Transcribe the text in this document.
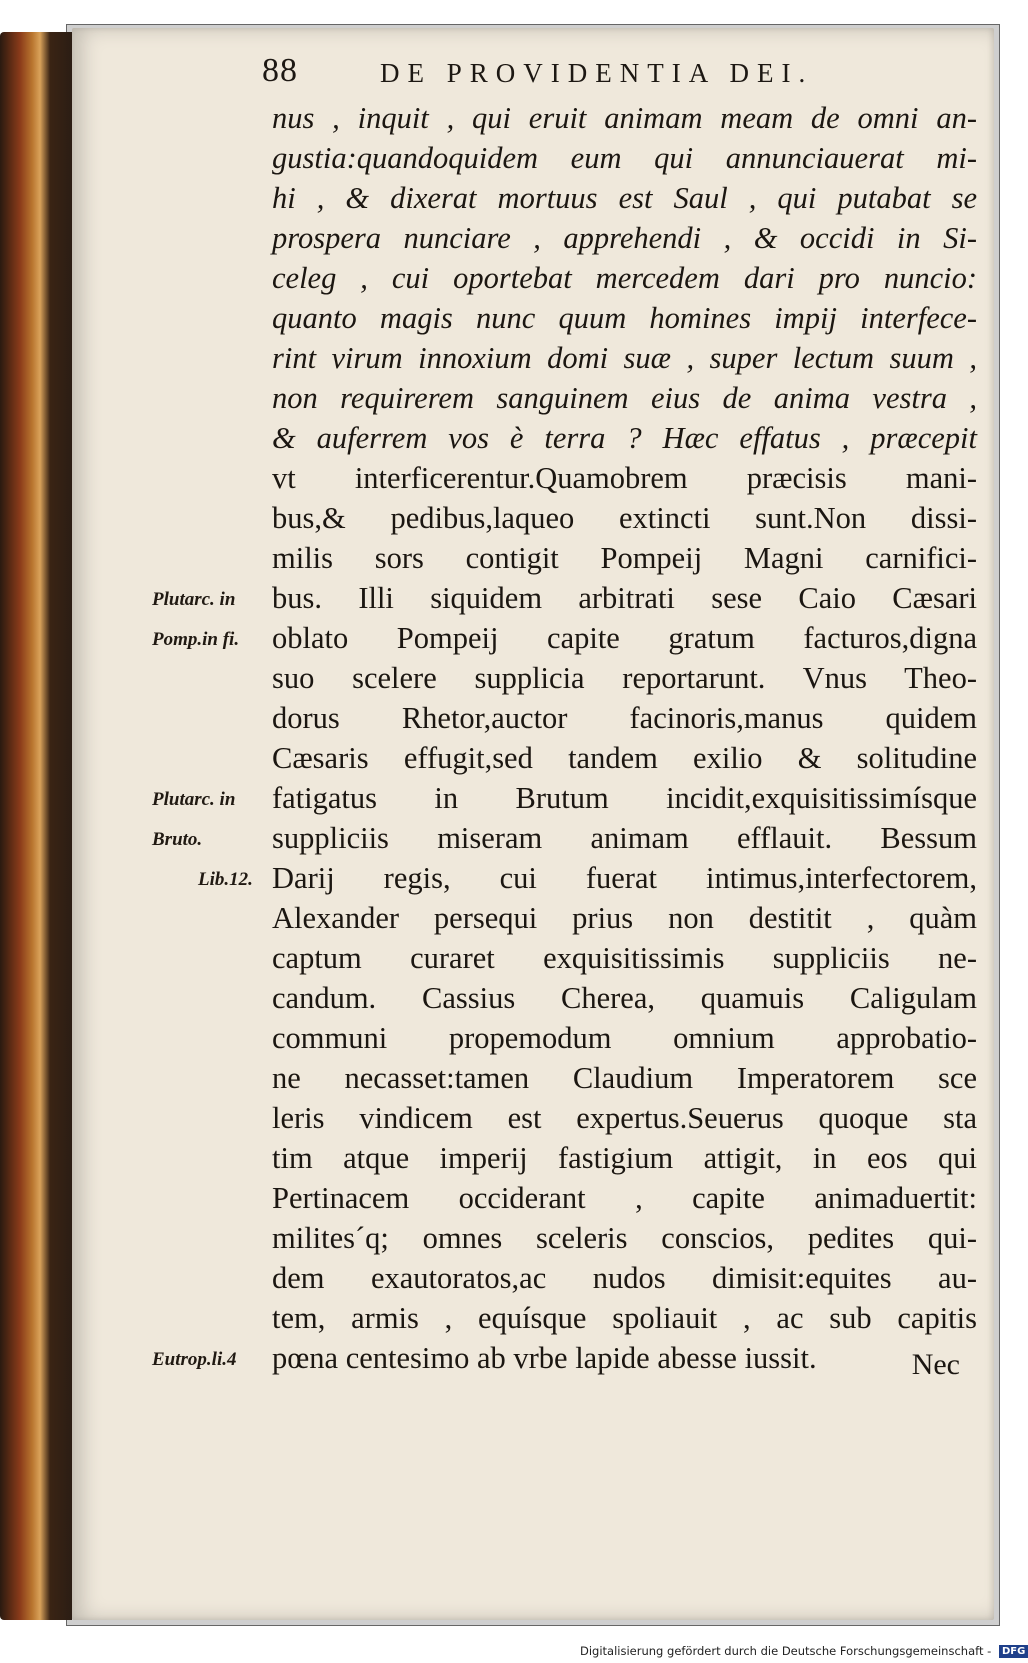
88	DE PROVIDENTIA DEI.
nus , inquit , qui eruit animam meam de omni an-
gustia:quandoquidem eum qui annunciauerat mi-
hi , & dixerat mortuus est Saul , qui putabat se
prospera nunciare , apprehendi , & occidi in Si-
celeg , cui oportebat mercedem dari pro nuncio:
quanto magis nunc quum homines impij interfece-
rint virum innoxium domi suæ , super lectum suum ,
non requirerem sanguinem eius de anima vestra ,
& auferrem vos è terra ? Hæc effatus , præcepit
vt interficerentur.Quamobrem præcisis mani-
bus,& pedibus,laqueo extincti sunt.Non dissi-
milis sors contigit Pompeij Magni carnifici-
bus. Illi siquidem arbitrati sese Caio Cæsari
oblato Pompeij capite gratum facturos,digna
suo scelere supplicia reportarunt. Vnus Theo-
dorus Rhetor,auctor facinoris,manus quidem
Cæsaris effugit,sed tandem exilio & solitudine
fatigatus in Brutum incidit,exquisitissimísque
suppliciis miseram animam efflauit. Bessum
Darij regis, cui fuerat intimus,interfectorem,
Alexander persequi prius non destitit , quàm
captum curaret exquisitissimis suppliciis ne-
candum. Cassius Cherea, quamuis Caligulam
communi propemodum omnium approbatio-
ne necasset:tamen Claudium Imperatorem sce
leris vindicem est expertus.Seuerus quoque sta
tim atque imperij fastigium attigit, in eos qui
Pertinacem occiderant , capite animaduertit:
milites´q; omnes sceleris conscios, pedites qui-
dem exautoratos,ac nudos dimisit:equites au-
tem, armis , equísque spoliauit , ac sub capitis
pœna centesimo ab vrbe lapide abesse iussit.
Plutarc. in
Pomp.in fi.
Plutarc. in
Bruto.
Lib.12.
Eutrop.li.4	Nec
Digitalisierung gefördert durch die Deutsche Forschungsgemeinschaft - DFG
